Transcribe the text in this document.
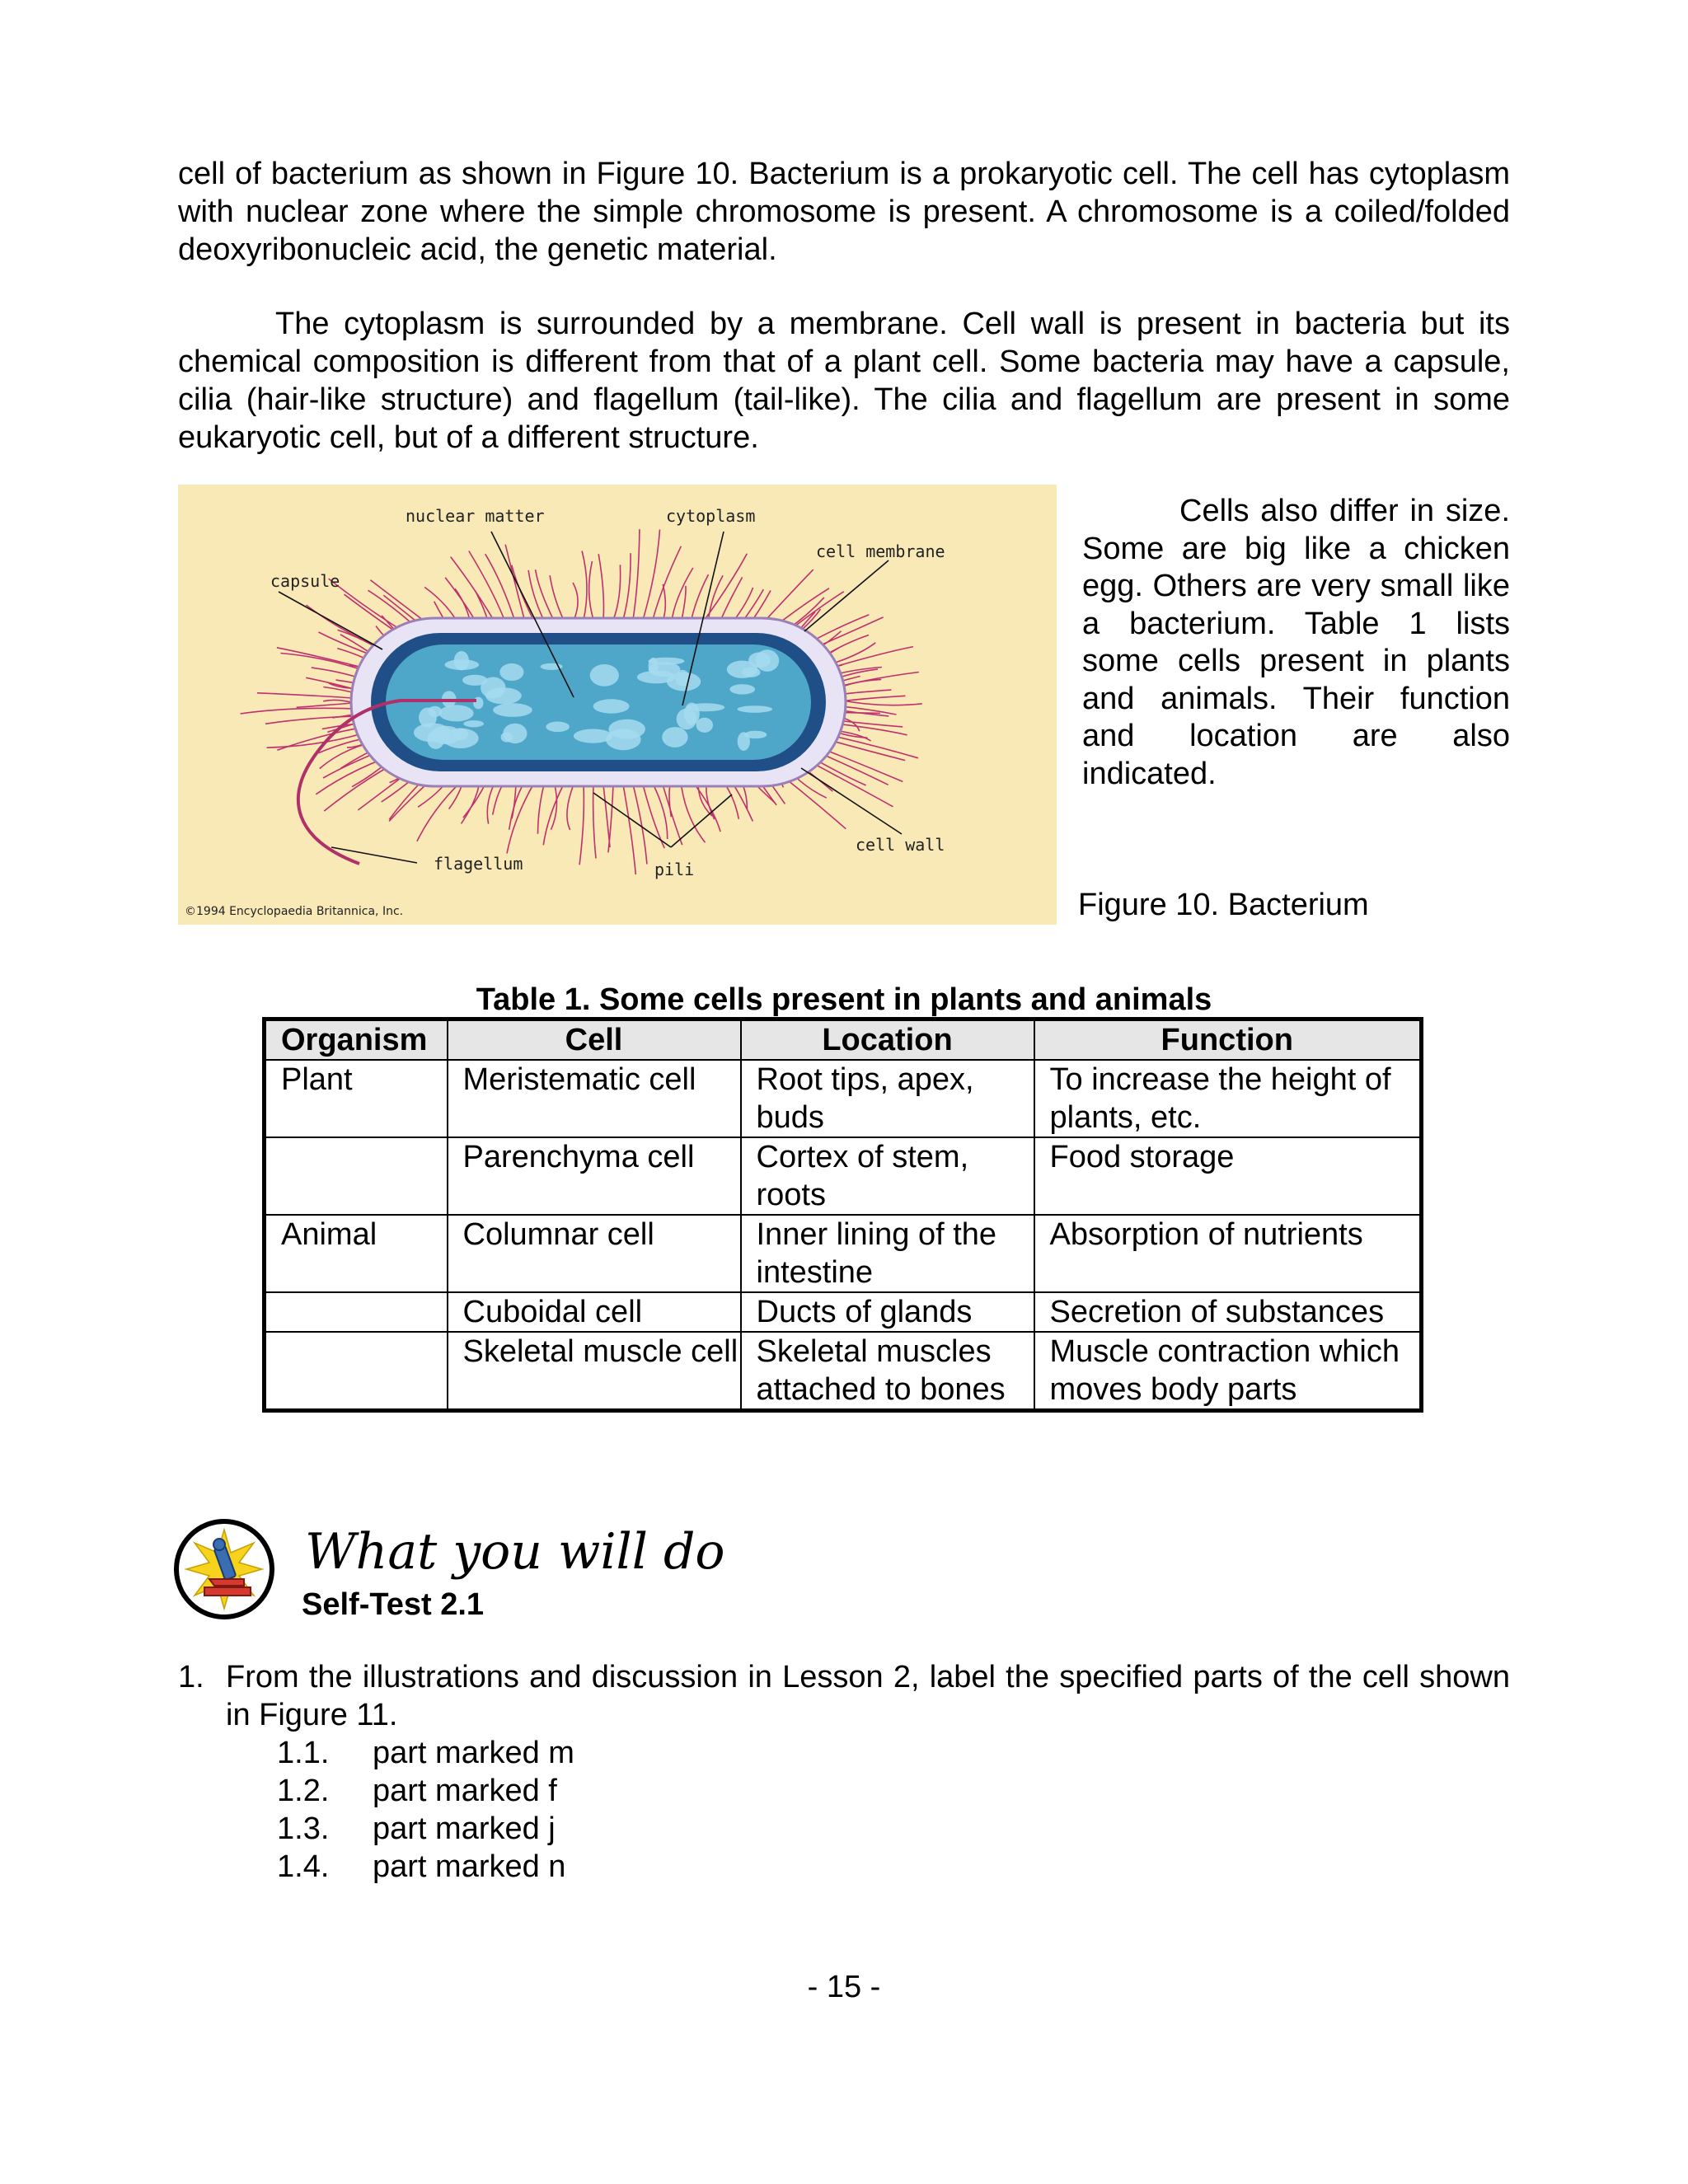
cell of bacterium as shown in Figure 10. Bacterium is a prokaryotic cell. The cell has cytoplasm with nuclear zone where the simple chromosome is present. A chromosome is a coiled/folded deoxyribonucleic acid, the genetic material.

The cytoplasm is surrounded by a membrane. Cell wall is present in bacteria but its chemical composition is different from that of a plant cell. Some bacteria may have a capsule, cilia (hair-like structure) and flagellum (tail-like). The cilia and flagellum are present in some eukaryotic cell, but of a different structure.

nuclear matter	cytoplasm
cell membrane
capsule
cell wall
flagellum	pili
©1994 Encyclopaedia Britannica, Inc.

Cells also differ in size. Some are big like a chicken egg. Others are very small like a bacterium. Table 1 lists some cells present in plants and animals. Their function and location are also indicated.

Figure 10. Bacterium
Table 1. Some cells present in plants and animals
Organism	Cell	Location	Function
Plant	Meristematic cell	Root tips, apex, buds	To increase the height of plants, etc.
	Parenchyma cell	Cortex of stem, roots	Food storage
Animal	Columnar cell	Inner lining of the intestine	Absorption of nutrients
	Cuboidal cell	Ducts of glands	Secretion of substances
	Skeletal muscle cell	Skeletal muscles attached to bones	Muscle contraction which moves body parts
What you will do
Self-Test 2.1
1. From the illustrations and discussion in Lesson 2, label the specified parts of the cell shown in Figure 11.
1.1. part marked m
1.2. part marked f
1.3. part marked j
1.4. part marked n
- 15 -
